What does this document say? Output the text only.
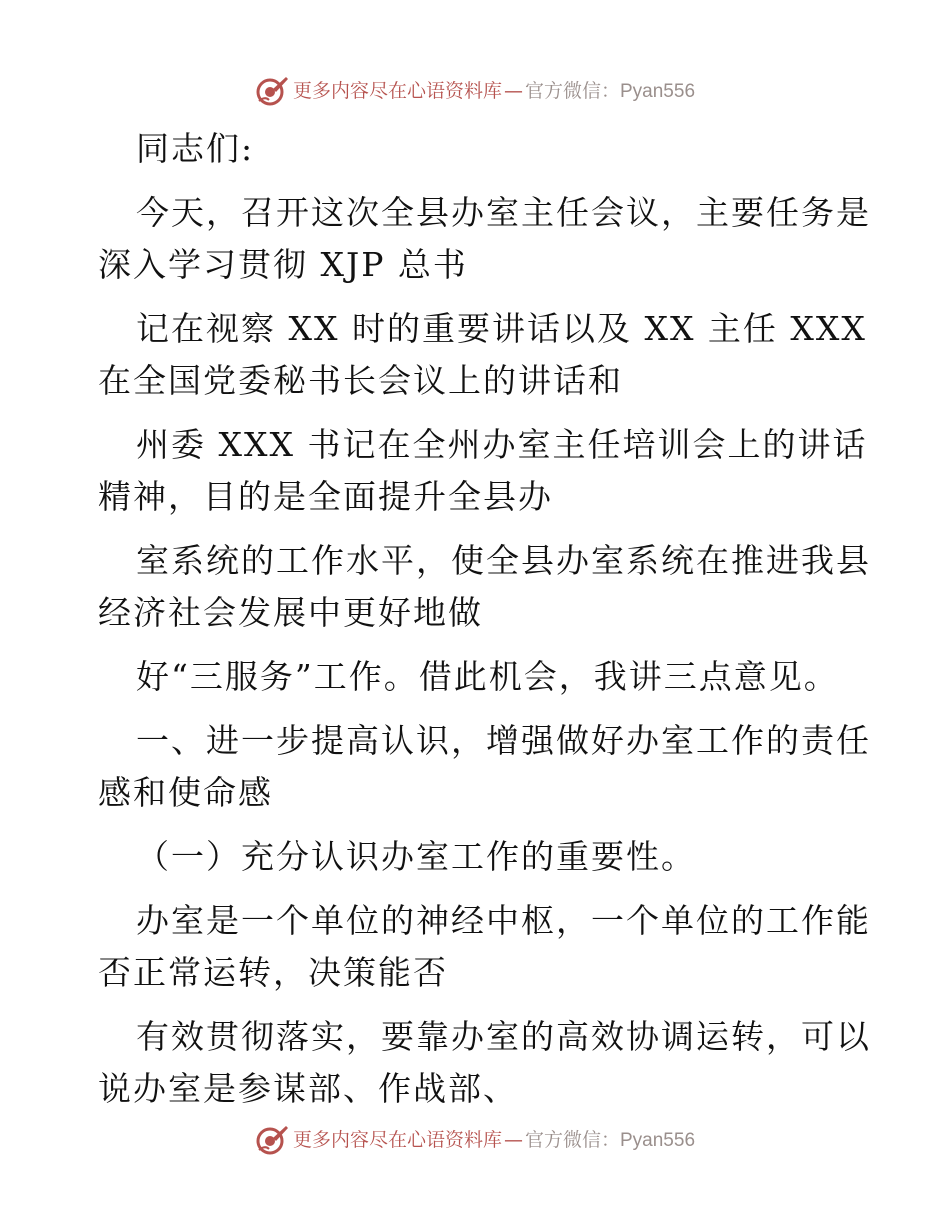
更多内容尽在心语资料库 — 官方微信： Pyan556
同志们:
今天，召开这次全县办室主任会议，主要任务是
深入学习贯彻 XJP 总书
记在视察 XX 时的重要讲话以及 XX 主任 XXX
在全国党委秘书长会议上的讲话和
州委 XXX 书记在全州办室主任培训会上的讲话
精神，目的是全面提升全县办
室系统的工作水平，使全县办室系统在推进我县
经济社会发展中更好地做
好“三服务”工作。借此机会，我讲三点意见。
一、进一步提高认识，增强做好办室工作的责任
感和使命感
（一）充分认识办室工作的重要性。
办室是一个单位的神经中枢，一个单位的工作能
否正常运转，决策能否
有效贯彻落实，要靠办室的高效协调运转，可以
说办室是参谋部、作战部、
更多内容尽在心语资料库 — 官方微信： Pyan556
